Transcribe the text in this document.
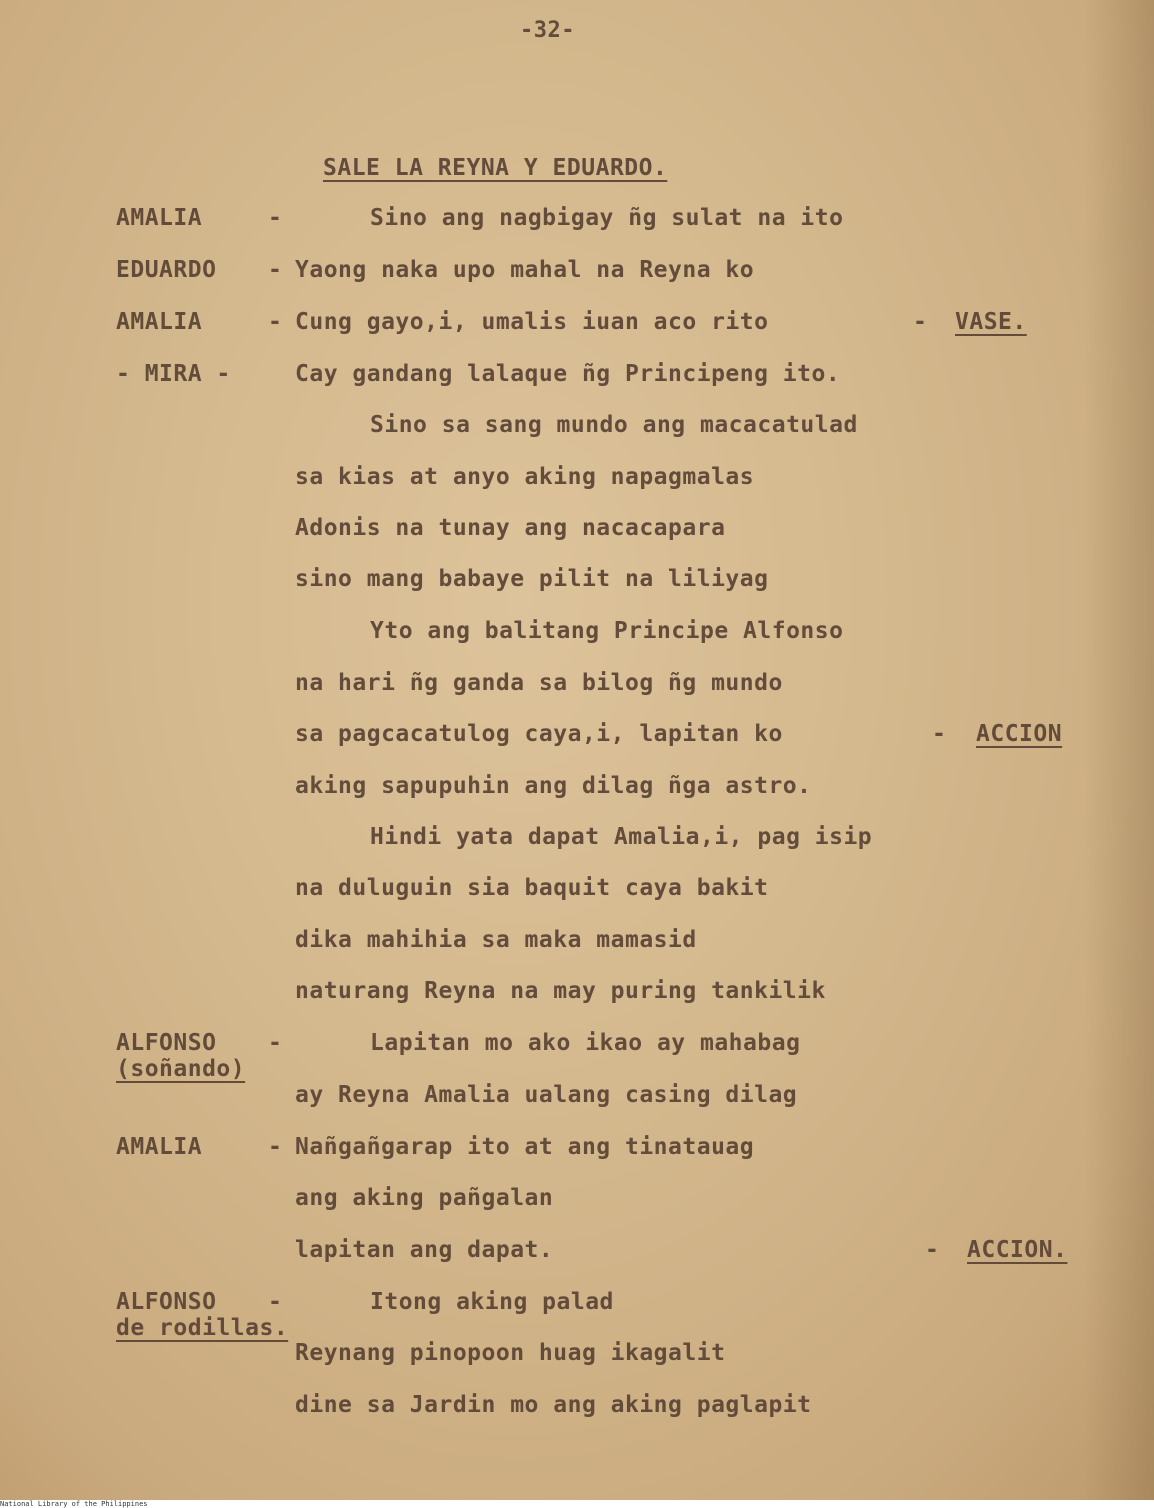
-32-
SALE LA REYNA Y EDUARDO.
AMALIA
EDUARDO
AMALIA
- MIRA -
ALFONSO
(soñando)
AMALIA
ALFONSO
de rodillas.
-
-
-
-
-
-
Sino ang nagbigay ñg sulat na ito
Yaong naka upo mahal na Reyna ko
Cung gayo,i, umalis iuan aco rito
Cay gandang lalaque ñg Principeng ito.
Sino sa sang mundo ang macacatulad
sa kias at anyo aking napagmalas
Adonis na tunay ang nacacapara
sino mang babaye pilit na liliyag
Yto ang balitang Principe Alfonso
na hari ñg ganda sa bilog ñg mundo
sa pagcacatulog caya,i, lapitan ko
aking sapupuhin ang dilag ñga astro.
Hindi yata dapat Amalia,i, pag isip
na duluguin sia baquit caya bakit
dika mahihia sa maka mamasid
naturang Reyna na may puring tankilik
Lapitan mo ako ikao ay mahabag
ay Reyna Amalia ualang casing dilag
Nañgañgarap ito at ang tinatauag
ang aking pañgalan
lapitan ang dapat.
Itong aking palad
Reynang pinopoon huag ikagalit
dine sa Jardin mo ang aking paglapit
- VASE.
- ACCION
- ACCION.
National Library of the Philippines
